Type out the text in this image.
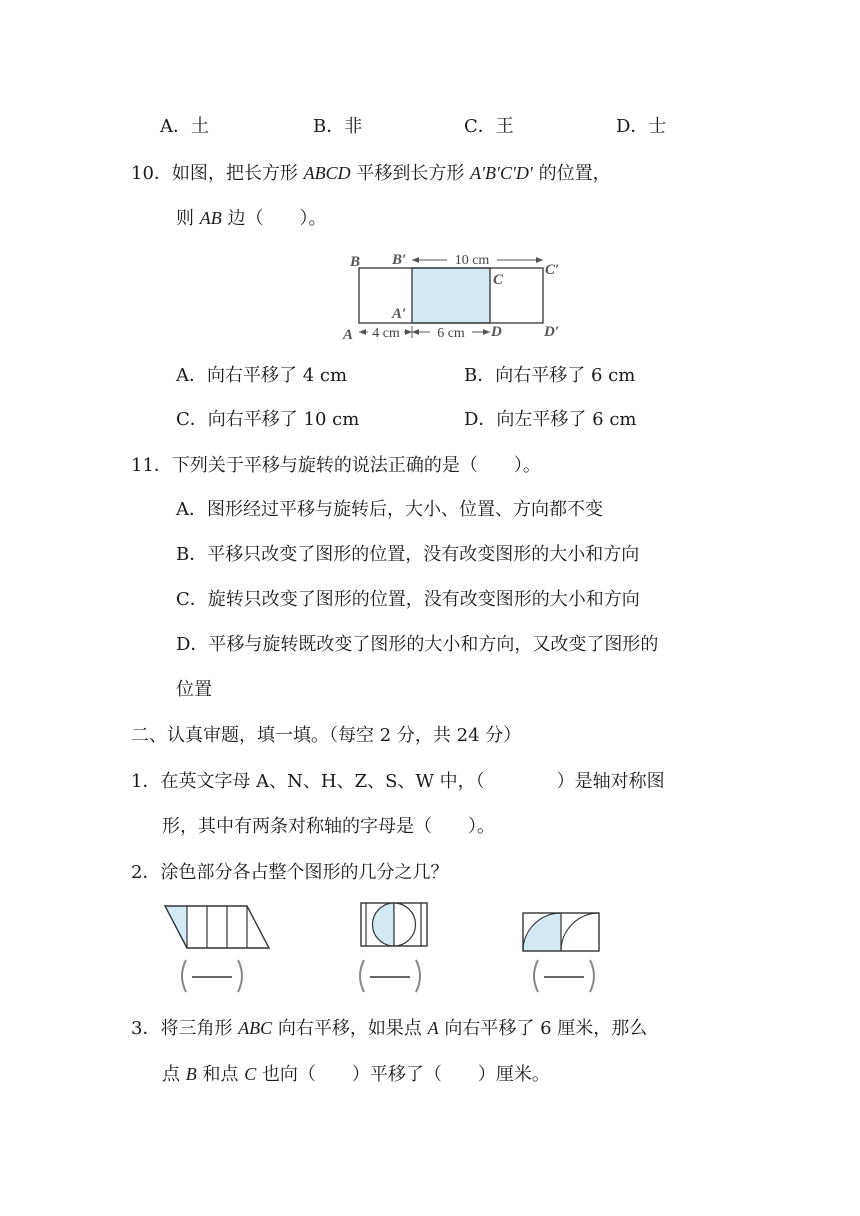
A．土	B．非	C．王	D．士
10．如图，把长方形 ABCD 平移到长方形 A′B′C′D′ 的位置，
则 AB 边（　　）。
10 cm
4 cm	6 cm
B B′
C
C′
A′
A	D	D′
A．向右平移了 4 cm	B．向右平移了 6 cm
C．向右平移了 10 cm	D．向左平移了 6 cm
11．下列关于平移与旋转的说法正确的是（　　）。
A．图形经过平移与旋转后，大小、位置、方向都不变
B．平移只改变了图形的位置，没有改变图形的大小和方向
C．旋转只改变了图形的位置，没有改变图形的大小和方向
D．平移与旋转既改变了图形的大小和方向，又改变了图形的
位置
二、认真审题，填一填。（每空 2 分，共 24 分）
1．在英文字母 A、N、H、Z、S、W 中，（　　　　）是轴对称图
形，其中有两条对称轴的字母是（　　）。
2．涂色部分各占整个图形的几分之几？
3．将三角形 ABC 向右平移，如果点 A 向右平移了 6 厘米，那么
点 B 和点 C 也向（　　）平移了（　　）厘米。
